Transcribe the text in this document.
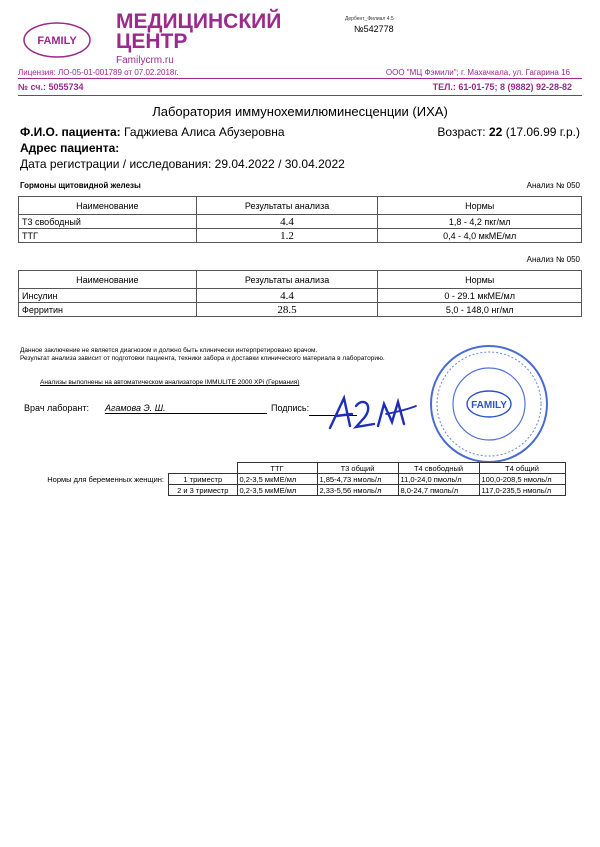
FAMILY
МЕДИЦИНСКИЙ
ЦЕНТР
Familycrm.ru
Дербент_Филиал 4.5
№542778
Лицензия: ЛО-05-01-001789 от 07.02.2018г.	ООО "МЦ Фэмили"; г. Махачкала, ул. Гагарина 16
№ сч.: 5055734	ТЕЛ.: 61-01-75; 8 (9882) 92-28-82
Лаборатория иммунохемилюминесценции (ИХА)
Ф.И.О. пациента: Гаджиева Алиса Абузеровна	Возраст: 22 (17.06.99 г.р.)
Адрес пациента:
Дата регистрации / исследования: 29.04.2022 / 30.04.2022
Гормоны щитовидной железы	Анализ № 050
Наименование	Результаты анализа	Нормы
Т3 свободный	4.4	1,8 - 4,2 пкг/мл
ТТГ	1.2	0,4 - 4,0 мкМЕ/мл
Анализ № 050
Наименование	Результаты анализа	Нормы
Инсулин	4.4	0 - 29.1 мкМЕ/мл
Ферритин	28.5	5,0 - 148,0 нг/мл
Данное заключение не является диагнозом и должно быть клинически интерпретировано врачом.
Результат анализа зависит от подготовки пациента, техники забора и доставки клинического материала в лабораторию.
Анализы выполнены на автоматическом анализаторе IMMULITE 2000 XPi (Германия)
Врач лаборант: Агамова Э. Ш.	Подпись:	FAMILY
Нормы для беременных женщин:
	ТТГ	Т3 общий	Т4 свободный	Т4 общий
1 триместр	0,2-3,5 мкМЕ/мл	1,85-4,73 нмоль/л	11,0-24,0 пмоль/л	100,0-208,5 нмоль/л
2 и 3 триместр	0,2-3,5 мкМЕ/мл	2,33-5,56 нмоль/л	8,0-24,7 пмоль/л	117,0-235,5 нмоль/л
